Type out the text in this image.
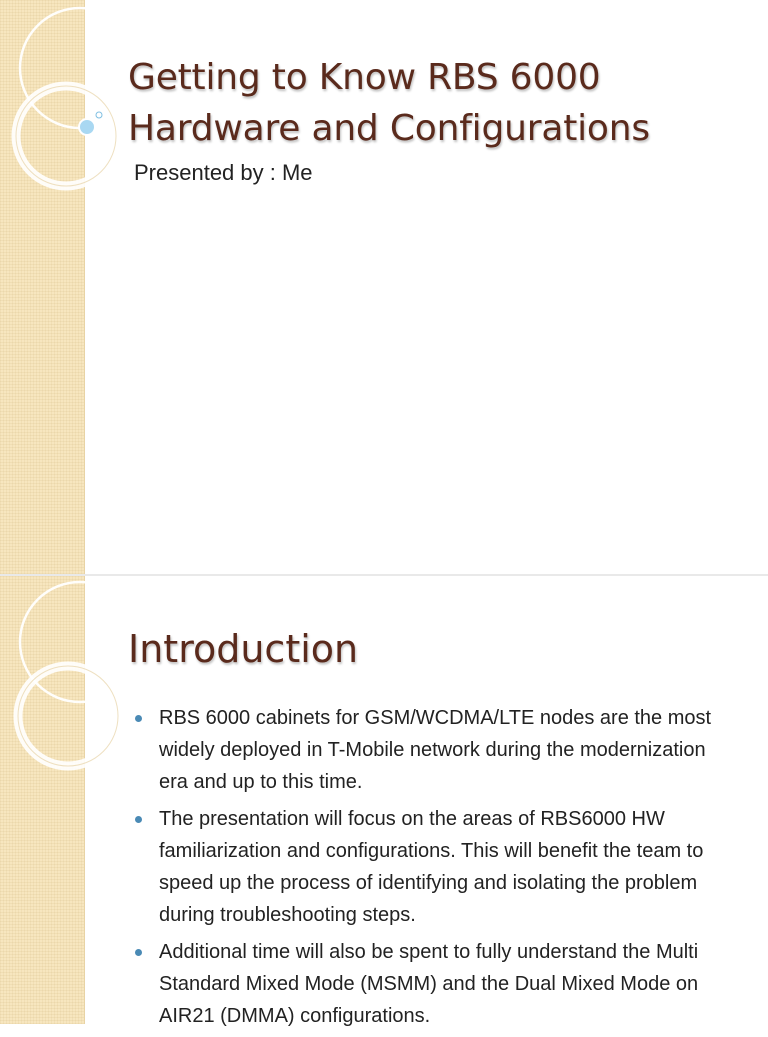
Getting to Know RBS 6000 Hardware and Configurations

Presented by : Me

Introduction
RBS 6000 cabinets for GSM/WCDMA/LTE nodes are the most widely deployed in T-Mobile network during the modernization era and up to this time.
The presentation will focus on the areas of RBS6000 HW familiarization and configurations. This will benefit the team to speed up the process of identifying and isolating the problem during troubleshooting steps.
Additional time will also be spent to fully understand the Multi Standard Mixed Mode (MSMM) and the Dual Mixed Mode on AIR21 (DMMA) configurations.
